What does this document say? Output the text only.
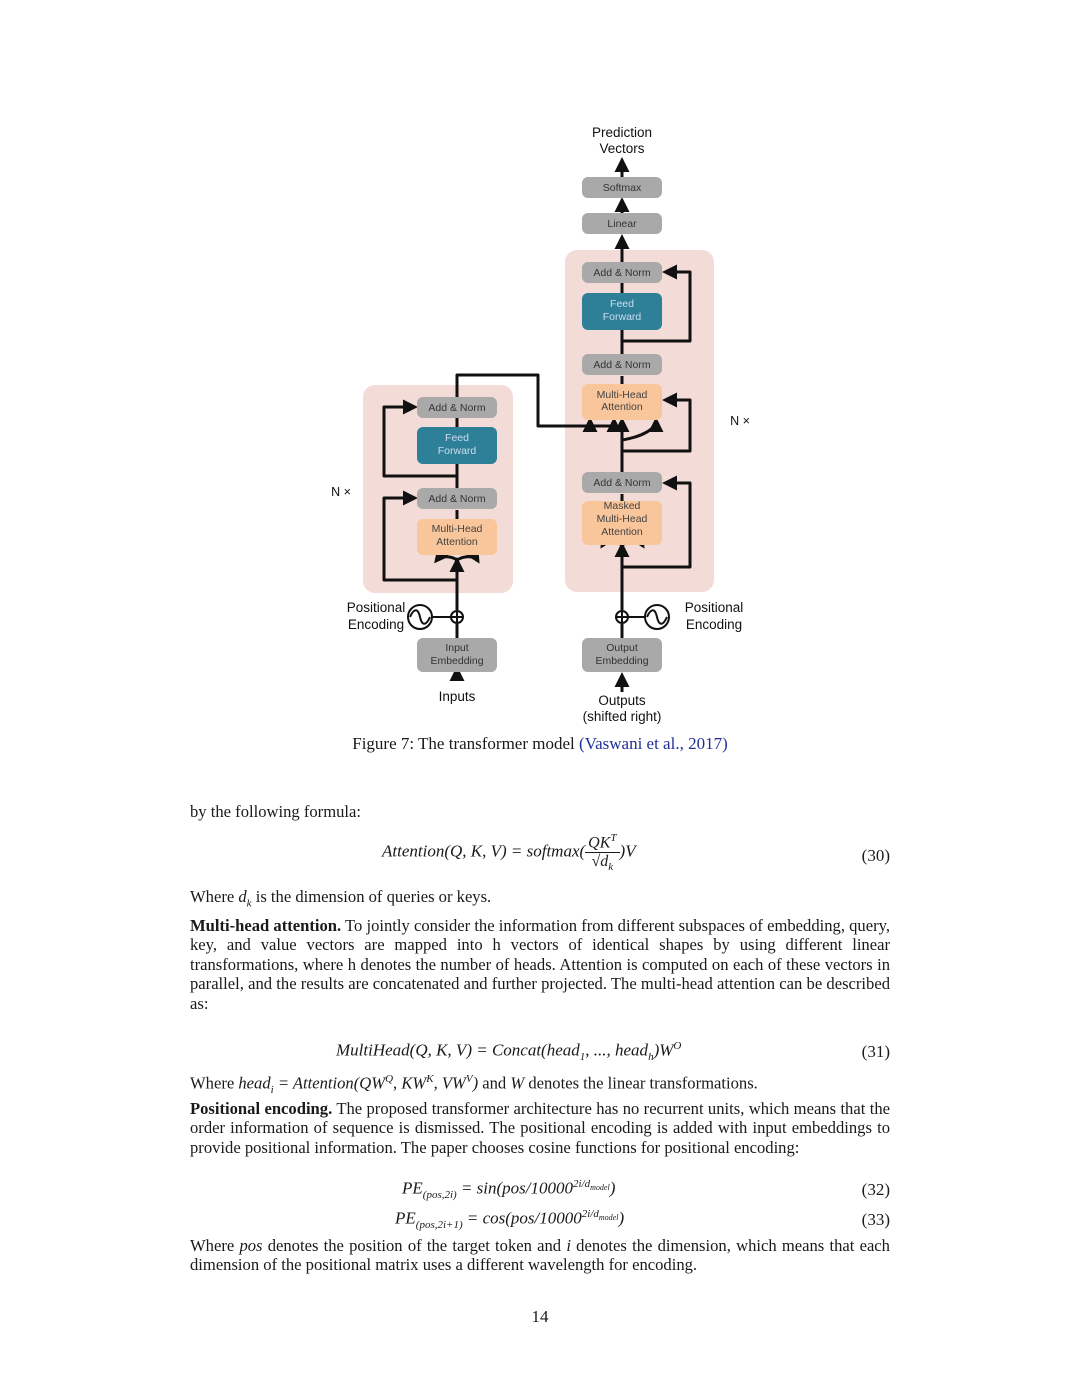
Softmax
Linear
Add & Norm
Feed
Forward
Add & Norm
Multi-Head
Attention
Add & Norm
Masked
Multi-Head
Attention
Output
Embedding
Add & Norm
Feed
Forward
Add & Norm
Multi-Head
Attention
Input
Embedding
Prediction
Vectors
Inputs	Outputs
(shifted right)
Positional
Encoding
Positional
Encoding
N ×
N ×
Figure 7: The transformer model (Vaswani et al., 2017)
by the following formula:
Attention(Q, K, V) = softmax( $\frac{QK^T}{√d_k} )V$	(30)
Where $d_k$ is the dimension of queries or keys.
Multi-head attention. To jointly consider the information from different subspaces of embedding, query, key, and value vectors are mapped into h vectors of identical shapes by using different linear transformations, where h denotes the number of heads. Attention is computed on each of these vectors in parallel, and the results are concatenated and further projected. The multi-head attention can be described as:
MultiHead(Q, K, V) = Concat(head$_1$, ..., $head_h)W^O$	(31)
Where head$_i$ = $Attention(QW^Q$, $KW^K$, $VW^V$) and W denotes the linear transformations.
Positional encoding. The proposed transformer architecture has no recurrent units, which means that the order information of sequence is dismissed. The positional encoding is added with input embeddings to provide positional information. The paper chooses cosine functions for positional encoding:
$PE_{(pos,2i)} = \sin(pos/10000^{2i/d_{model}})$	(32)
$PE_{(pos,2i+1)} = \cos(pos/10000^{2i/d_{model}})$	(33)
Where pos denotes the position of the target token and i denotes the dimension, which means that each dimension of the positional matrix uses a different wavelength for encoding.
14
